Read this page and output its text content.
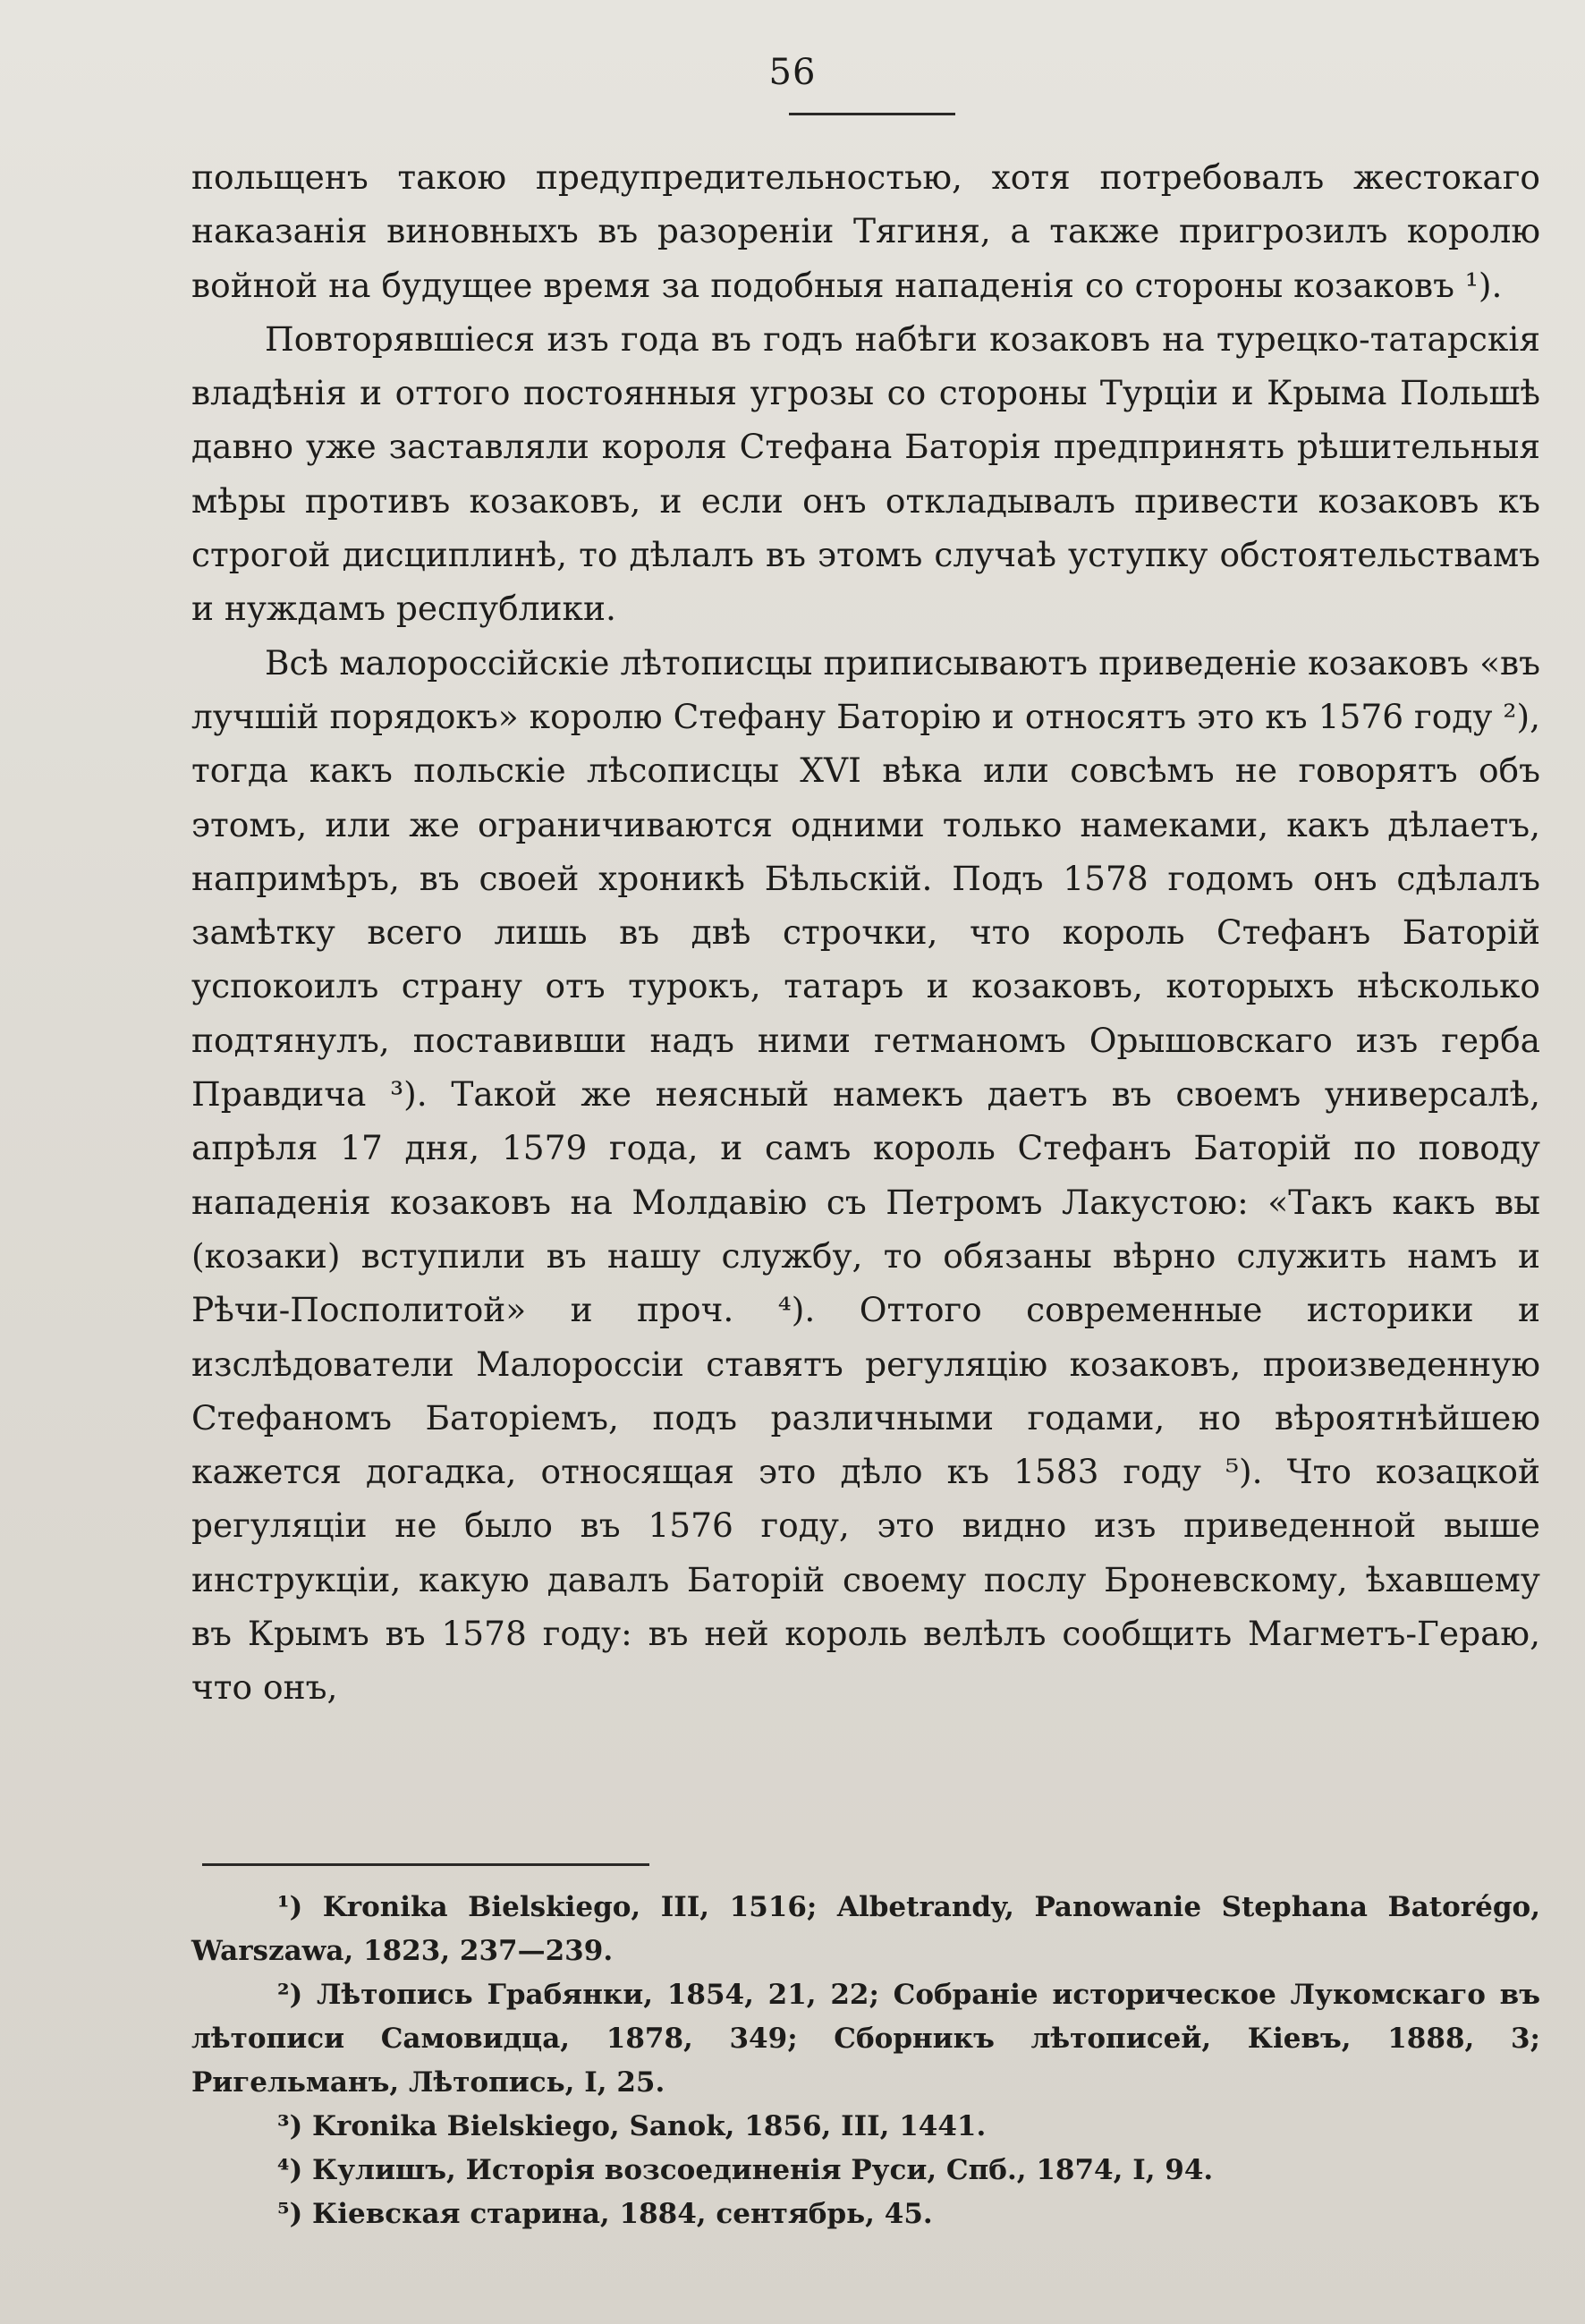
56

польщенъ такою предупредительностью, хотя потребовалъ жестокаго наказанія виновныхъ въ разореніи Тягиня, а также пригрозилъ королю войной на будущее время за подобныя нападенія со стороны козаковъ ¹).

Повторявшіеся изъ года въ годъ набѣги козаковъ на турецко-татарскія владѣнія и оттого постоянныя угрозы со стороны Турціи и Крыма Польшѣ давно уже заставляли короля Стефана Баторія предпринять рѣшительныя мѣры противъ козаковъ, и если онъ откладывалъ привести козаковъ къ строгой дисциплинѣ, то дѣлалъ въ этомъ случаѣ уступку обстоятельствамъ и нуждамъ республики.

Всѣ малороссійскіе лѣтописцы приписываютъ приведеніе козаковъ «въ лучшій порядокъ» королю Стефану Баторію и относятъ это къ 1576 году ²), тогда какъ польскіе лѣсописцы XVI вѣка или совсѣмъ не говорятъ объ этомъ, или же ограничиваются одними только намеками, какъ дѣлаетъ, напримѣръ, въ своей хроникѣ Бѣльскій. Подъ 1578 годомъ онъ сдѣлалъ замѣтку всего лишь въ двѣ строчки, что король Стефанъ Баторій успокоилъ страну отъ турокъ, татаръ и козаковъ, которыхъ нѣсколько подтянулъ, поставивши надъ ними гетманомъ Орышовскаго изъ герба Правдича ³). Такой же неясный намекъ даетъ въ своемъ универсалѣ, апрѣля 17 дня, 1579 года, и самъ король Стефанъ Баторій по поводу нападенія козаковъ на Молдавію съ Петромъ Лакустою: «Такъ какъ вы (козаки) вступили въ нашу службу, то обязаны вѣрно служить намъ и Рѣчи-Посполитой» и проч. ⁴). Оттого современные историки и изслѣдователи Малороссіи ставятъ регуляцію козаковъ, произведенную Стефаномъ Баторіемъ, подъ различными годами, но вѣроятнѣйшею кажется догадка, относящая это дѣло къ 1583 году ⁵). Что козацкой регуляціи не было въ 1576 году, это видно изъ приведенной выше инструкціи, какую давалъ Баторій своему послу Броневскому, ѣхавшему въ Крымъ въ 1578 году: въ ней король велѣлъ сообщить Магметъ-Гераю, что онъ,

¹) Kronika Bielskiego, III, 1516; Albetrandy, Panowanie Stephana Batorégo, Warszawa, 1823, 237—239.

²) Лѣтопись Грабянки, 1854, 21, 22; Собраніе историческое Лукомскаго въ лѣтописи Самовидца, 1878, 349; Сборникъ лѣтописей, Кіевъ, 1888, 3; Ригельманъ, Лѣтопись, I, 25.

³) Kronika Bielskiego, Sanok, 1856, III, 1441.

⁴) Кулишъ, Исторія возсоединенія Руси, Спб., 1874, I, 94.

⁵) Кіевская старина, 1884, сентябрь, 45.
